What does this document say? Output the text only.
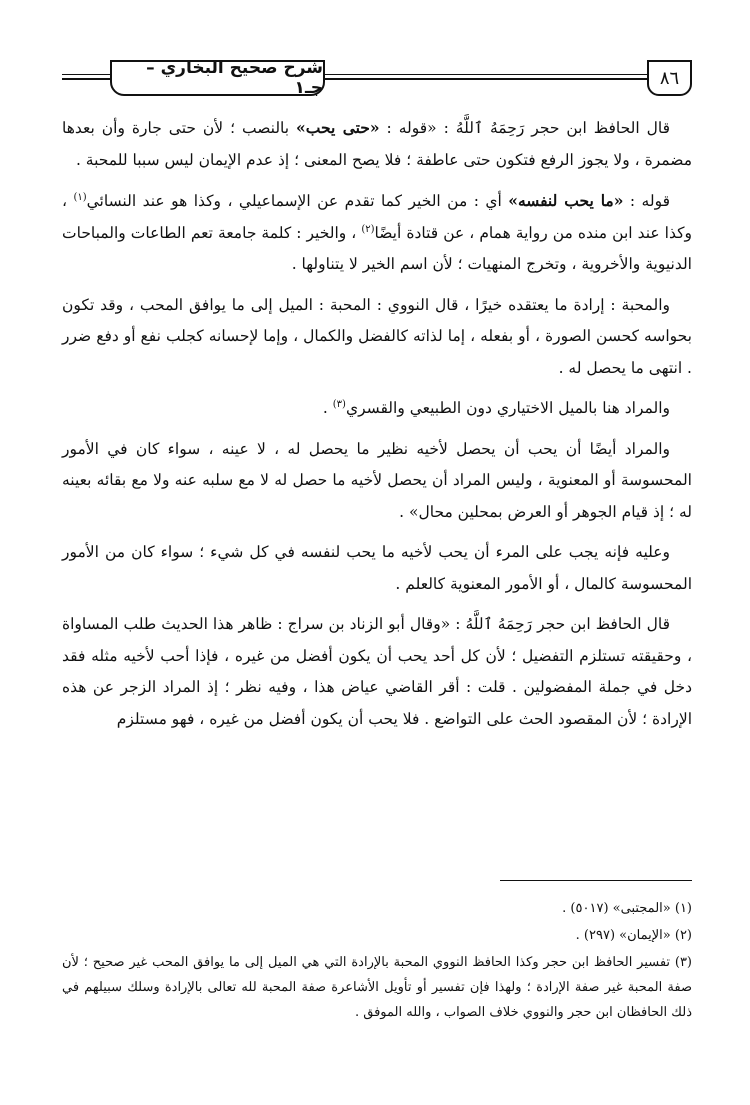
شرح صحيح البخاري – جـ١	٨٦

قال الحافظ ابن حجر رَحِمَهُ ٱللَّهُ : «قوله : «حتى يحب» بالنصب ؛ لأن حتى جارة وأن بعدها مضمرة ، ولا يجوز الرفع فتكون حتى عاطفة ؛ فلا يصح المعنى ؛ إذ عدم الإيمان ليس سببا للمحبة .

قوله : «ما يحب لنفسه» أي : من الخير كما تقدم عن الإسماعيلي ، وكذا هو عند النسائي$^{(١)}$ ، وكذا عند ابن منده من رواية همام ، عن قتادة أيضًا$^{(٢)}$ ، والخير : كلمة جامعة تعم الطاعات والمباحات الدنيوية والأخروية ، وتخرج المنهيات ؛ لأن اسم الخير لا يتناولها .

والمحبة : إرادة ما يعتقده خيرًا ، قال النووي : المحبة : الميل إلى ما يوافق المحب ، وقد تكون بحواسه كحسن الصورة ، أو بفعله ، إما لذاته كالفضل والكمال ، وإما لإحسانه كجلب نفع أو دفع ضرر . انتهى ما يحصل له .

والمراد هنا بالميل الاختياري دون الطبيعي والقسري$^{(٣)}$ .

والمراد أيضًا أن يحب أن يحصل لأخيه نظير ما يحصل له ، لا عينه ، سواء كان في الأمور المحسوسة أو المعنوية ، وليس المراد أن يحصل لأخيه ما حصل له لا مع سلبه عنه ولا مع بقائه بعينه له ؛ إذ قيام الجوهر أو العرض بمحلين محال» .

وعليه فإنه يجب على المرء أن يحب لأخيه ما يحب لنفسه في كل شيء ؛ سواء كان من الأمور المحسوسة كالمال ، أو الأمور المعنوية كالعلم .

قال الحافظ ابن حجر رَحِمَهُ ٱللَّهُ : «وقال أبو الزناد بن سراج : ظاهر هذا الحديث طلب المساواة ، وحقيقته تستلزم التفضيل ؛ لأن كل أحد يحب أن يكون أفضل من غيره ، فإذا أحب لأخيه مثله فقد دخل في جملة المفضولين . قلت : أقر القاضي عياض هذا ، وفيه نظر ؛ إذ المراد الزجر عن هذه الإرادة ؛ لأن المقصود الحث على التواضع . فلا يحب أن يكون أفضل من غيره ، فهو مستلزم

(١) «المجتبى» (٥٠١٧) .
(٢) «الإيمان» (٢٩٧) .
(٣) تفسير الحافظ ابن حجر وكذا الحافظ النووي المحبة بالإرادة التي هي الميل إلى ما يوافق المحب غير صحيح ؛ لأن صفة المحبة غير صفة الإرادة ؛ ولهذا فإن تفسير أو تأويل الأشاعرة صفة المحبة لله تعالى بالإرادة وسلك سبيلهم في ذلك الحافظان ابن حجر والنووي خلاف الصواب ، والله الموفق .
